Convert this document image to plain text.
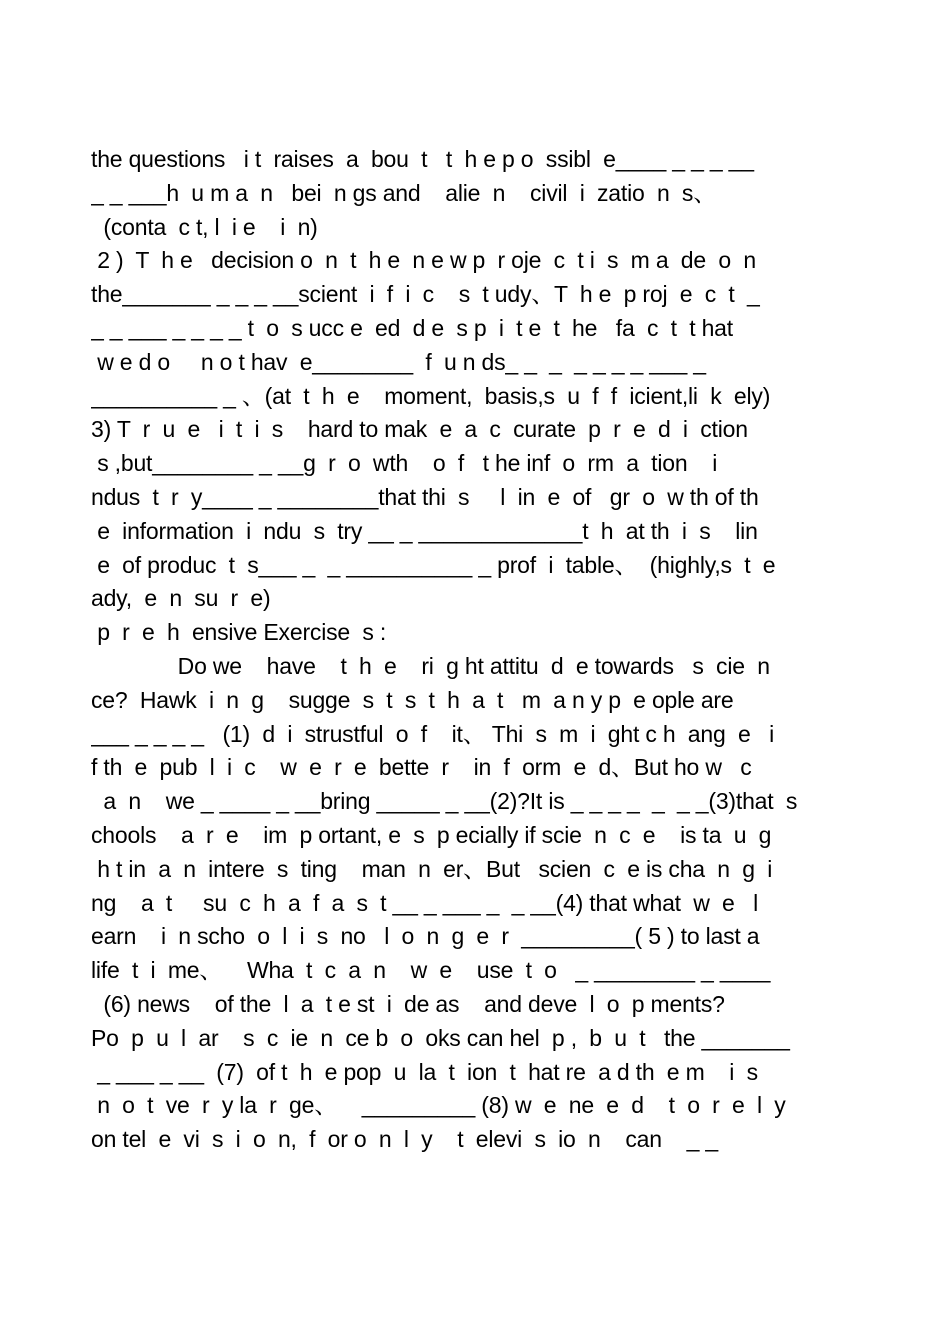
the questions   i t  raises  a  bou  t   t  h e p o  ssibl  e____ _ _ _ __
_ _ ___h  u m a  n   bei  n gs and    alie  n    civil  i  zatio  n  s、
(conta  c t, l  i e    i  n)
2 )  T  h e   decision o  n  t  h e  n e w p  r oje  c  t i  s  m a  de  o  n
the_______ _ _ _ __scient  i  f  i  c    s  t udy、T  h e  p roj  e  c  t  _
_ _ ___ _ _ _ _ t  o  s ucc e  ed  d e  s p  i  t e  t  he   fa  c  t  t hat
w e d o     n o t hav  e________  f  u n ds_ _  _  _ _ _ _ ___ _
__________ _ 、(at  t  h  e    moment,  basis,s  u  f  f  icient,li  k  ely)
3) T  r  u  e   i  t  i  s    hard to mak  e  a  c  curate  p  r  e  d  i  ction
s ,but________ _ __g  r  o  wth    o  f   t he inf  o  rm  a  tion    i
ndus  t  r  y____ _ ________that thi  s     l  in  e  of   gr  o  w th of th
e  information  i  ndu  s  try __ _ _____________t  h  at th  i  s    lin
e  of produc  t  s___ _  _ __________ _ prof  i  table、  (highly,s  t  e
ady,  e  n  su  r  e)
p  r  e  h  ensive Exercise  s :
Do we    have    t  h  e    ri  g ht attitu  d  e towards   s  cie  n
ce?  Hawk  i  n  g    sugge  s  t  s  t  h  a  t   m  a n y p  e ople are
___ _ _ _ _   (1)  d  i  strustful  o  f    it、 Thi  s  m  i  ght c h  ang  e   i
f th  e  pub  l  i  c    w  e  r  e  bette  r    in  f  orm  e  d、But ho w   c
a  n    we _ ____ _ __bring _____ _ __(2)?It is _ _ _ _  _  _ _(3)that  s
chools    a  r  e    im  p ortant, e  s  p ecially if scie  n  c  e    is ta  u  g
h t in  a  n  intere  s  ting    man  n  er、But   scien  c  e is cha  n  g  i
ng    a  t     su  c  h  a  f  a  s  t __ _ ___ _  _ __(4) that what  w  e   l
earn    i  n scho  o  l  i  s  no   l  o  n  g  e  r  _________( 5 ) to last a
life  t  i  me、    Wha  t  c  a  n    w  e    use  t  o   _ ________ _ ____
(6) news    of the  l  a  t e st  i  de as    and deve  l  o  p ments?
Po  p  u  l  ar    s  c  ie  n  ce b  o  oks can hel  p ,  b  u  t   the _______
_ ___ _ __  (7)  of t  h  e pop  u  la  t  ion  t  hat re  a d th  e m    i  s
n  o  t  ve  r  y la  r  ge、    _________ (8) w  e  ne  e  d    t  o  r  e  l  y
on tel  e  vi  s  i  o  n,  f  or o  n  l  y    t  elevi  s  io  n    can    _ _
